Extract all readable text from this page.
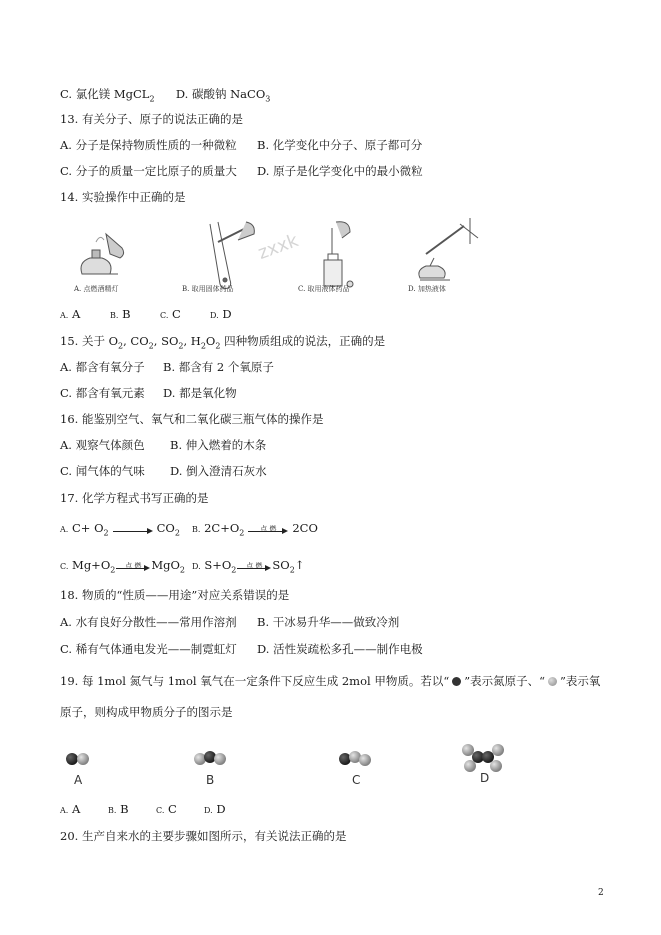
C. 氯化镁 MgCL$_2$ D. 碳酸钠 NaCO$_3$
13. 有关分子、原子的说法正确的是
A. 分子是保持物质性质的一种微粒 B. 化学变化中分子、原子都可分
C. 分子的质量一定比原子的质量大 D. 原子是化学变化中的最小微粒
14. 实验操作中正确的是
zxxk
A. 点燃酒精灯	B. 取用固体药品	C. 取用液体药品	D. 加热液体
A. A	B. B	C. C	D. D
15. 关于 $O_2$, $CO_2$, $SO_2$, $H_2O_2$ 四种物质组成的说法，正确的是
A. 都含有氧分子 B. 都含有 2 个氧原子
C. 都含有氧元素 D. 都是氧化物
16. 能鉴别空气、氧气和二氧化碳三瓶气体的操作是
A. 观察气体颜色 B. 伸入燃着的木条
C. 闻气体的气味 D. 倒入澄清石灰水
17. 化学方程式书写正确的是
A. $C+ O_2$	$CO_2$ B. $2C+O_2$	点 燃	2CO
C. $Mg+O_2$	点 燃 MgO$_2$ D. $S+O_2$	点 燃 $SO_2↑$
18. 物质的“性质——用途”对应关系错误的是
A. 水有良好分散性——常用作溶剂 B. 干冰易升华——做致冷剂
C. 稀有气体通电发光——制霓虹灯 D. 活性炭疏松多孔——制作电极
19. 每 1mol 氮气与 1mol 氧气在一定条件下反应生成 2mol 甲物质。若以“ ”表示氮原子、“ ”表示氧
原子，则构成甲物质分子的图示是
A	B	C	D
A. A	B. B	C. C	D. D
20. 生产自来水的主要步骤如图所示，有关说法正确的是
2
